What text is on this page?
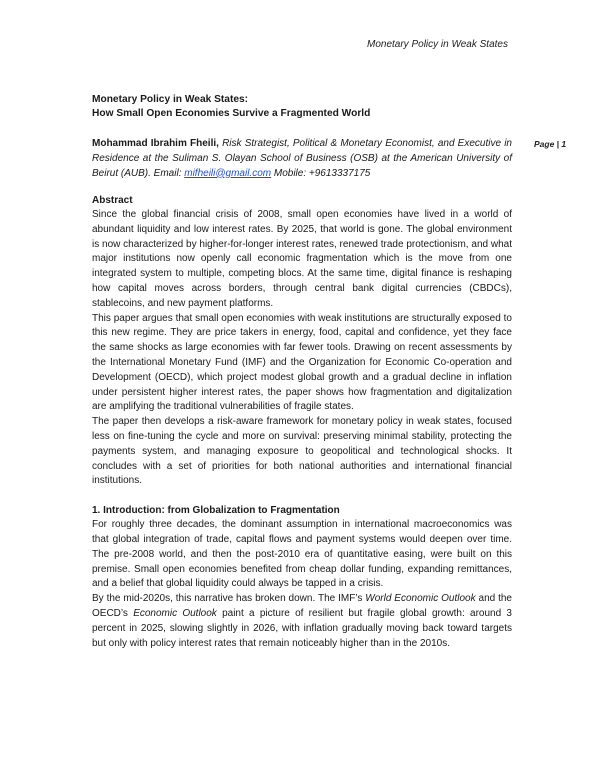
Monetary Policy in Weak States
Page | 1

Monetary Policy in Weak States:

How Small Open Economies Survive a Fragmented World

Mohammad Ibrahim Fheili, Risk Strategist, Political & Monetary Economist, and Executive in Residence at the Suliman S. Olayan School of Business (OSB) at the American University of Beirut (AUB). Email: mifheili@gmail.com Mobile: +9613337175

Abstract

Since the global financial crisis of 2008, small open economies have lived in a world of abundant liquidity and low interest rates. By 2025, that world is gone. The global environment is now characterized by higher-for-longer interest rates, renewed trade protectionism, and what major institutions now openly call economic fragmentation which is the move from one integrated system to multiple, competing blocs. At the same time, digital finance is reshaping how capital moves across borders, through central bank digital currencies (CBDCs), stablecoins, and new payment platforms.

This paper argues that small open economies with weak institutions are structurally exposed to this new regime. They are price takers in energy, food, capital and confidence, yet they face the same shocks as large economies with far fewer tools. Drawing on recent assessments by the International Monetary Fund (IMF) and the Organization for Economic Co-operation and Development (OECD), which project modest global growth and a gradual decline in inflation under persistent higher interest rates, the paper shows how fragmentation and digitalization are amplifying the traditional vulnerabilities of fragile states.

The paper then develops a risk-aware framework for monetary policy in weak states, focused less on fine-tuning the cycle and more on survival: preserving minimal stability, protecting the payments system, and managing exposure to geopolitical and technological shocks. It concludes with a set of priorities for both national authorities and international financial institutions.

1. Introduction: from Globalization to Fragmentation

For roughly three decades, the dominant assumption in international macroeconomics was that global integration of trade, capital flows and payment systems would deepen over time. The pre-2008 world, and then the post-2010 era of quantitative easing, were built on this premise. Small open economies benefited from cheap dollar funding, expanding remittances, and a belief that global liquidity could always be tapped in a crisis.

By the mid-2020s, this narrative has broken down. The IMF’s World Economic Outlook and the OECD’s Economic Outlook paint a picture of resilient but fragile global growth: around 3 percent in 2025, slowing slightly in 2026, with inflation gradually moving back toward targets but only with policy interest rates that remain noticeably higher than in the 2010s.
